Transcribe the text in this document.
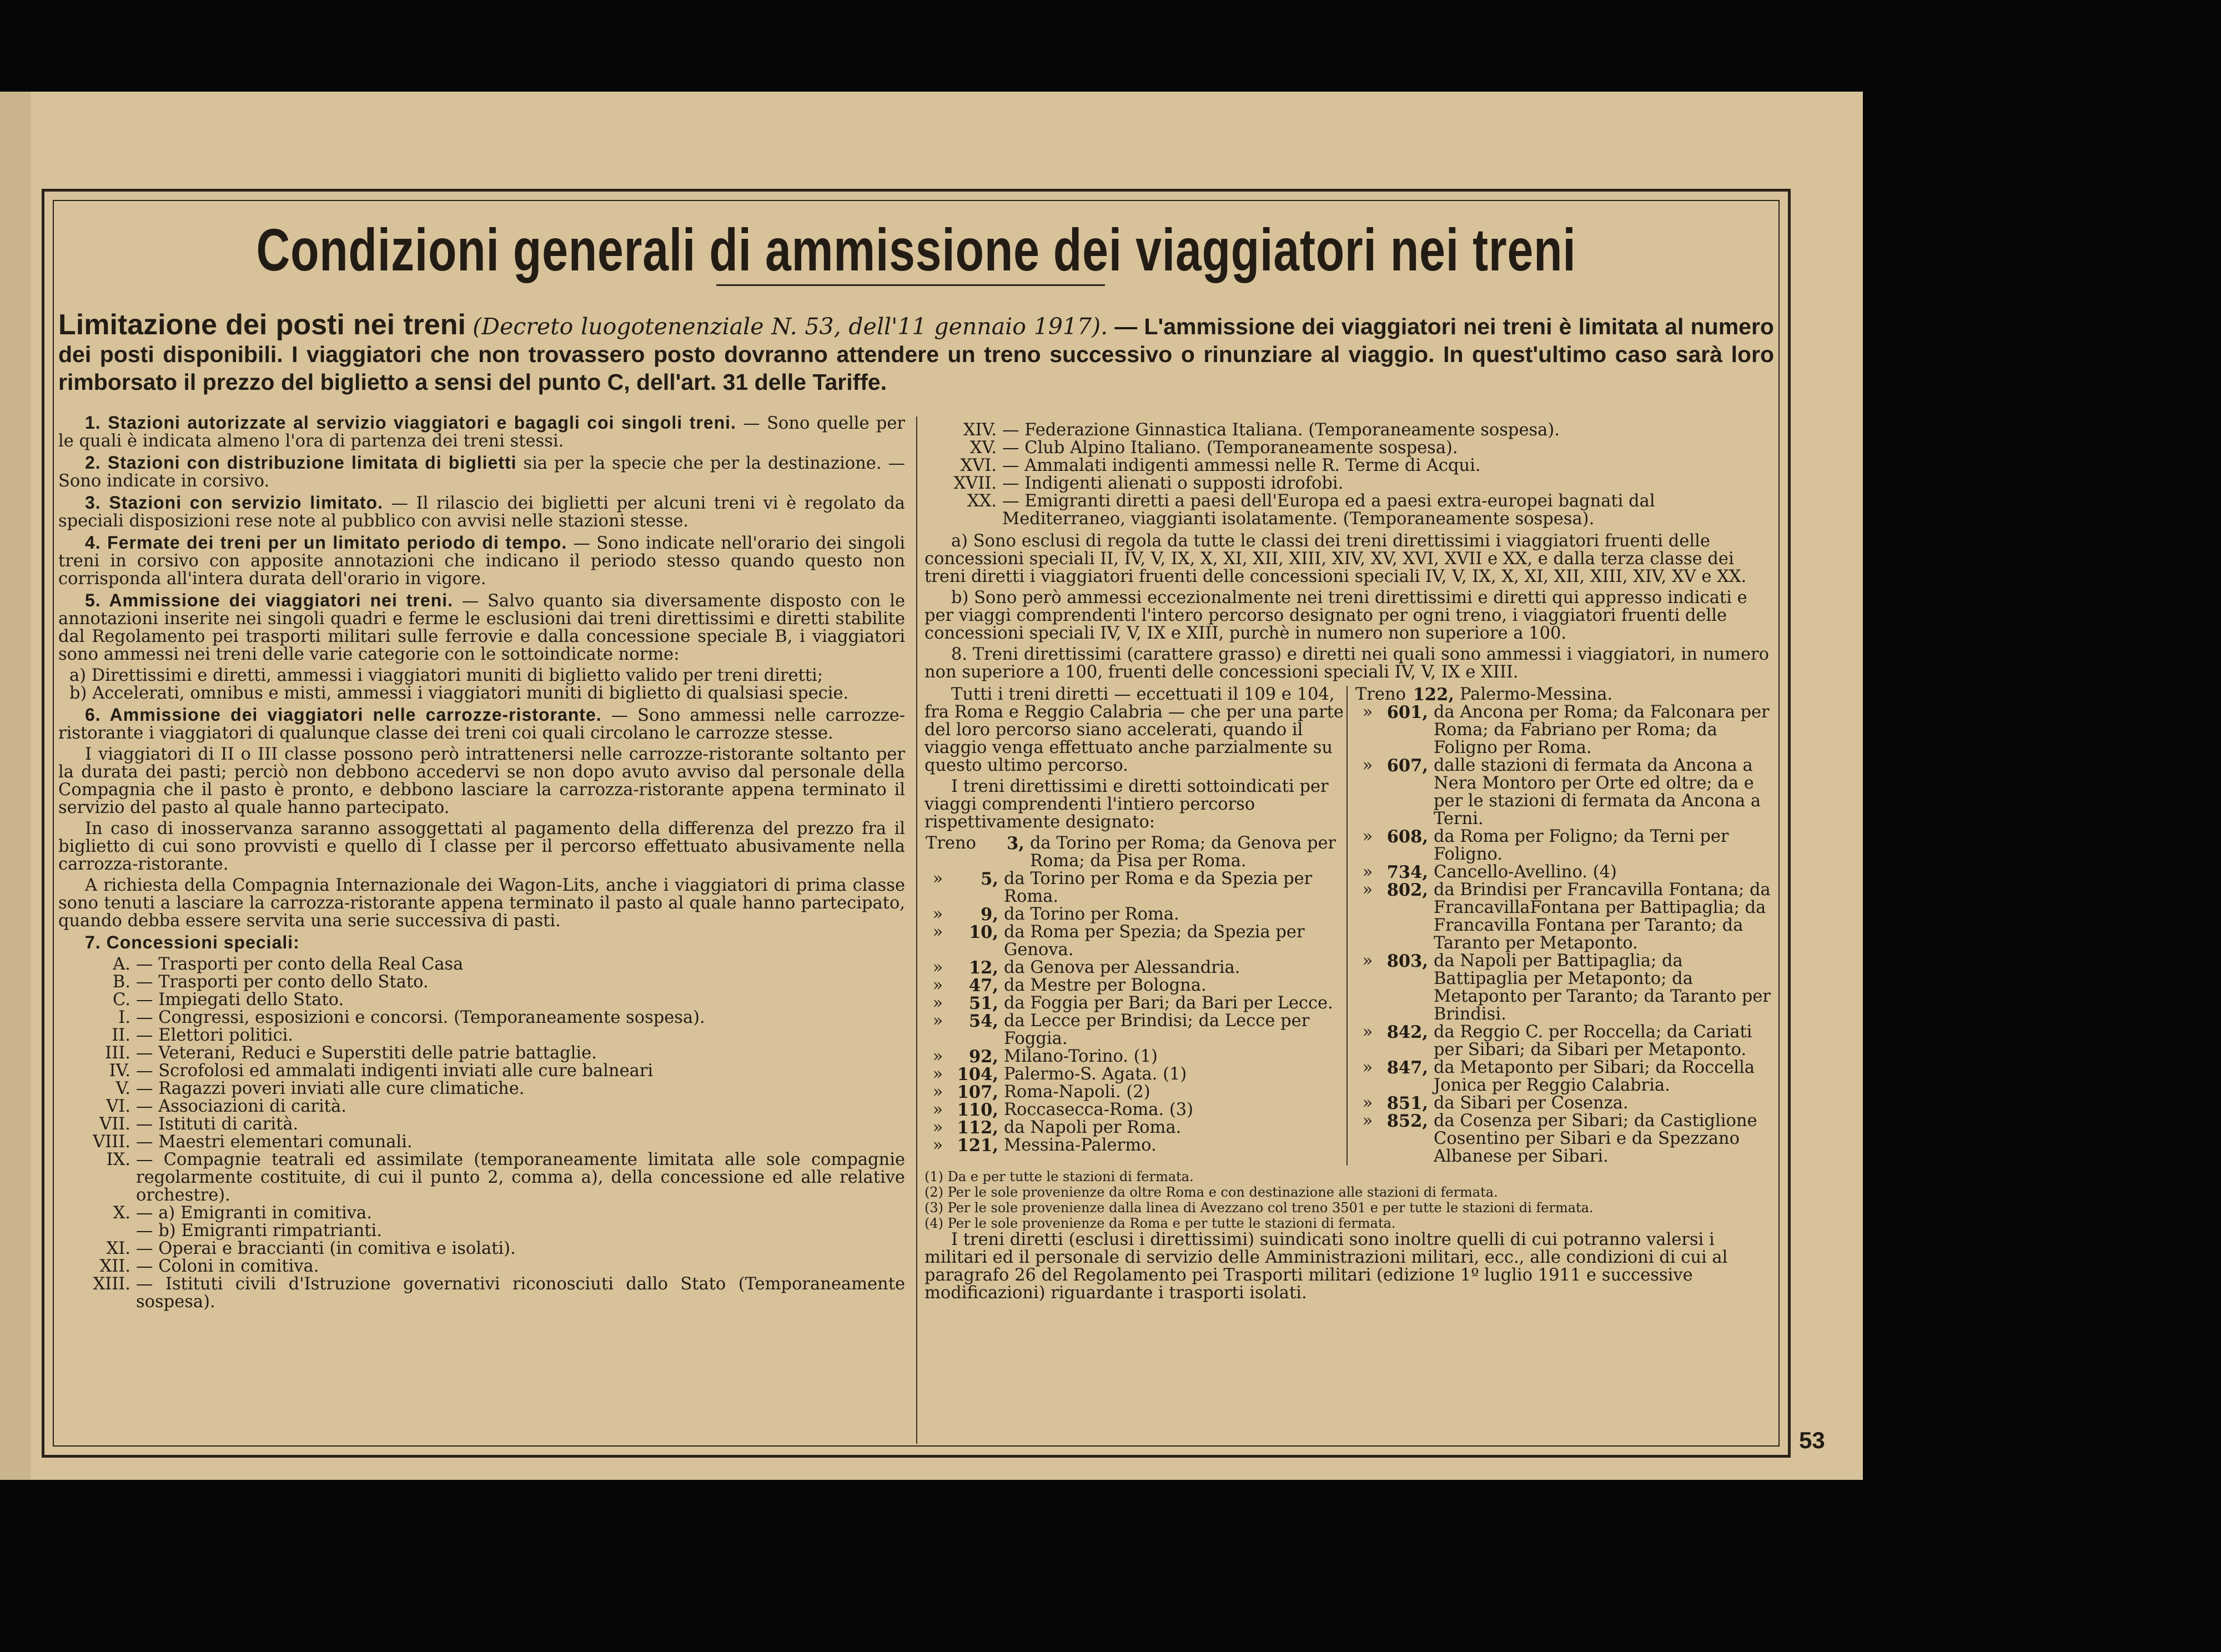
Condizioni generali di ammissione dei viaggiatori nei treni
Limitazione dei posti nei treni (Decreto luogotenenziale N. 53, dell'11 gennaio 1917). — L'ammissione dei viaggiatori nei treni è limitata al numero dei posti disponibili. I viaggiatori che non trovassero posto dovranno attendere un treno successivo o rinunziare al viaggio. In quest'ultimo caso sarà loro rimborsato il prezzo del biglietto a sensi del punto C, dell'art. 31 delle Tariffe.

1. Stazioni autorizzate al servizio viaggiatori e bagagli coi singoli treni. — Sono quelle per le quali è indicata almeno l'ora di partenza dei treni stessi.

2. Stazioni con distribuzione limitata di biglietti sia per la specie che per la destinazione. — Sono indicate in corsivo.

3. Stazioni con servizio limitato. — Il rilascio dei biglietti per alcuni treni vi è regolato da speciali disposizioni rese note al pubblico con avvisi nelle stazioni stesse.

4. Fermate dei treni per un limitato periodo di tempo. — Sono indicate nell'orario dei singoli treni in corsivo con apposite annotazioni che indicano il periodo stesso quando questo non corrisponda all'intera durata dell'orario in vigore.

5. Ammissione dei viaggiatori nei treni. — Salvo quanto sia diversamente disposto con le annotazioni inserite nei singoli quadri e ferme le esclusioni dai treni direttissimi e diretti stabilite dal Regolamento pei trasporti militari sulle ferrovie e dalla concessione speciale B, i viaggiatori sono ammessi nei treni delle varie categorie con le sottoindicate norme:

a) Direttissimi e diretti, ammessi i viaggiatori muniti di biglietto valido per treni diretti;
b) Accelerati, omnibus e misti, ammessi i viaggiatori muniti di biglietto di qualsiasi specie.

6. Ammissione dei viaggiatori nelle carrozze-ristorante. — Sono ammessi nelle carrozze-ristorante i viaggiatori di qualunque classe dei treni coi quali circolano le carrozze stesse.

I viaggiatori di II o III classe possono però intrattenersi nelle carrozze-ristorante soltanto per la durata dei pasti; perciò non debbono accedervi se non dopo avuto avviso dal personale della Compagnia che il pasto è pronto, e debbono lasciare la carrozza-ristorante appena terminato il servizio del pasto al quale hanno partecipato.

In caso di inosservanza saranno assoggettati al pagamento della differenza del prezzo fra il biglietto di cui sono provvisti e quello di I classe per il percorso effettuato abusivamente nella carrozza-ristorante.

A richiesta della Compagnia Internazionale dei Wagon-Lits, anche i viaggiatori di prima classe sono tenuti a lasciare la carrozza-ristorante appena terminato il pasto al quale hanno partecipato, quando debba essere servita una serie successiva di pasti.

7. Concessioni speciali:

A. — Trasporti per conto della Real Casa
B. — Trasporti per conto dello Stato.
C. — Impiegati dello Stato.
I. — Congressi, esposizioni e concorsi. (Temporaneamente sospesa).
II. — Elettori politici.
III. — Veterani, Reduci e Superstiti delle patrie battaglie.
IV. — Scrofolosi ed ammalati indigenti inviati alle cure balneari
V. — Ragazzi poveri inviati alle cure climatiche.
VI. — Associazioni di carità.
VII. — Istituti di carità.
VIII. — Maestri elementari comunali.
IX. — Compagnie teatrali ed assimilate (temporaneamente limitata alle sole compagnie regolarmente costituite, di cui il punto 2, comma a), della concessione ed alle relative orchestre).
X. — a) Emigranti in comitiva.
— b) Emigranti rimpatrianti.
XI. — Operai e braccianti (in comitiva e isolati).
XII. — Coloni in comitiva.
XIII. — Istituti civili d'Istruzione governativi riconosciuti dallo Stato (Temporaneamente sospesa).
XIV. — Federazione Ginnastica Italiana. (Temporaneamente sospesa).
XV. — Club Alpino Italiano. (Temporaneamente sospesa).
XVI. — Ammalati indigenti ammessi nelle R. Terme di Acqui.
XVII. — Indigenti alienati o supposti idrofobi.
XX. — Emigranti diretti a paesi dell'Europa ed a paesi extra-europei bagnati dal Mediterraneo, viaggianti isolatamente. (Temporaneamente sospesa).

a) Sono esclusi di regola da tutte le classi dei treni direttissimi i viaggiatori fruenti delle concessioni speciali II, IV, V, IX, X, XI, XII, XIII, XIV, XV, XVI, XVII e XX, e dalla terza classe dei treni diretti i viaggiatori fruenti delle concessioni speciali IV, V, IX, X, XI, XII, XIII, XIV, XV e XX.

b) Sono però ammessi eccezionalmente nei treni direttissimi e diretti qui appresso indicati e per viaggi comprendenti l'intero percorso designato per ogni treno, i viaggiatori fruenti delle concessioni speciali IV, V, IX e XIII, purchè in numero non superiore a 100.

8. Treni direttissimi (carattere grasso) e diretti nei quali sono ammessi i viaggiatori, in numero non superiore a 100, fruenti delle concessioni speciali IV, V, IX e XIII.

Tutti i treni diretti — eccettuati il 109 e 104, fra Roma e Reggio Calabria — che per una parte del loro percorso siano accelerati, quando il viaggio venga effettuato anche parzialmente su questo ultimo percorso.

I treni direttissimi e diretti sottoindicati per viaggi comprendenti l'intiero percorso rispettivamente designato:

Treno	3, da Torino per Roma; da Genova per Roma; da Pisa per Roma.
»	5, da Torino per Roma e da Spezia per Roma.
»	9, da Torino per Roma.
»	10, da Roma per Spezia; da Spezia per Genova.
»	12, da Genova per Alessandria.
»	47, da Mestre per Bologna.
»	51, da Foggia per Bari; da Bari per Lecce.
»	54, da Lecce per Brindisi; da Lecce per Foggia.
»	92, Milano-Torino. (1)
» 104, Palermo-S. Agata. (1)
» 107, Roma-Napoli. (2)
» 110, Roccasecca-Roma. (3)
» 112, da Napoli per Roma.
» 121, Messina-Palermo.
Treno 122, Palermo-Messina.
» 601, da Ancona per Roma; da Falconara per Roma; da Fabriano per Roma; da Foligno per Roma.
» 607, dalle stazioni di fermata da Ancona a Nera Montoro per Orte ed oltre; da e per le stazioni di fermata da Ancona a Terni.
» 608, da Roma per Foligno; da Terni per Foligno.
» 734, Cancello-Avellino. (4)
» 802, da Brindisi per Francavilla Fontana; da FrancavillaFontana per Battipaglia; da Francavilla Fontana per Taranto; da Taranto per Metaponto.
» 803, da Napoli per Battipaglia; da Battipaglia per Metaponto; da Metaponto per Taranto; da Taranto per Brindisi.
» 842, da Reggio C. per Roccella; da Cariati per Sibari; da Sibari per Metaponto.
» 847, da Metaponto per Sibari; da Roccella Jonica per Reggio Calabria.
» 851, da Sibari per Cosenza.
» 852, da Cosenza per Sibari; da Castiglione Cosentino per Sibari e da Spezzano Albanese per Sibari.
(1) Da e per tutte le stazioni di fermata.
(2) Per le sole provenienze da oltre Roma e con destinazione alle stazioni di fermata.
(3) Per le sole provenienze dalla linea di Avezzano col treno 3501 e per tutte le stazioni di fermata.
(4) Per le sole provenienze da Roma e per tutte le stazioni di fermata.

I treni diretti (esclusi i direttissimi) suindicati sono inoltre quelli di cui potranno valersi i militari ed il personale di servizio delle Amministrazioni militari, ecc., alle condizioni di cui al paragrafo 26 del Regolamento pei Trasporti militari (edizione 1º luglio 1911 e successive modificazioni) riguardante i trasporti isolati.

53
